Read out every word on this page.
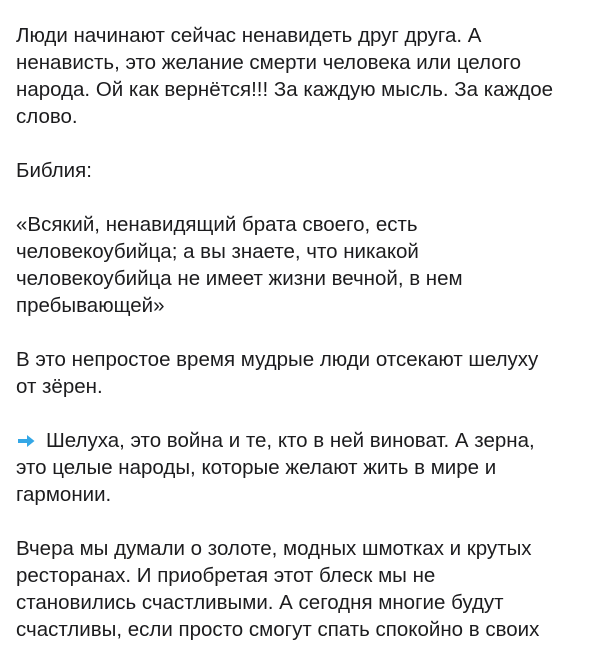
Люди начинают сейчас ненавидеть друг друга. А
ненависть, это желание смерти человека или целого
народа. Ой как вернётся!!! За каждую мысль. За каждое
слово.
Библия:
«Всякий, ненавидящий брата своего, есть
человекоубийца; а вы знаете, что никакой
человекоубийца не имеет жизни вечной, в нем
пребывающей»
В это непростое время мудрые люди отсекают шелуху
от зёрен.
Шелуха, это война и те, кто в ней виноват. А зерна,
это целые народы, которые желают жить в мире и
гармонии.
Вчера мы думали о золоте, модных шмотках и крутых
ресторанах. И приобретая этот блеск мы не
становились счастливыми. А сегодня многие будут
счастливы, если просто смогут спать спокойно в своих
